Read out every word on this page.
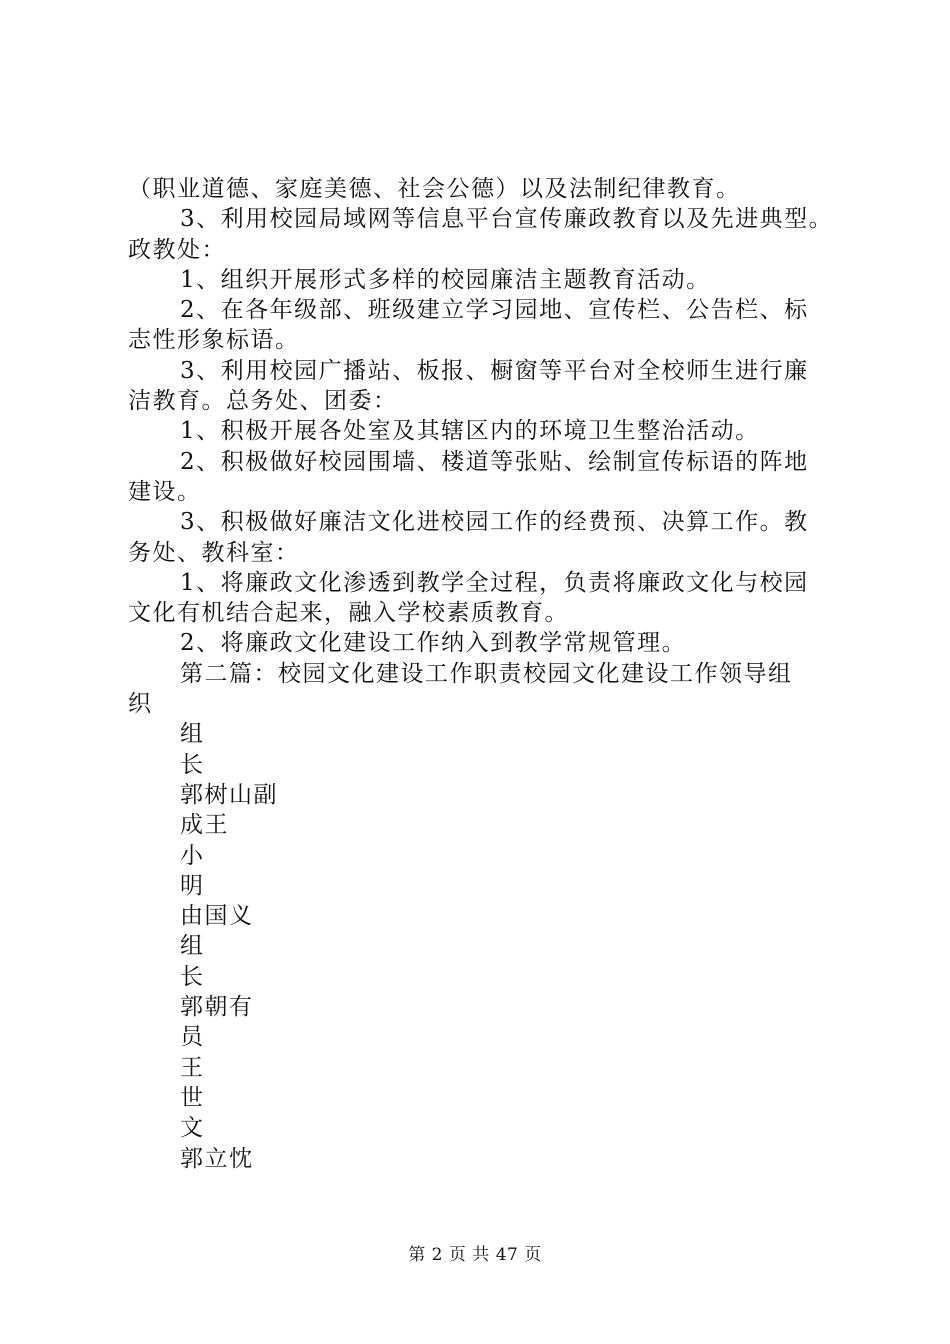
（职业道德、家庭美德、社会公德）以及法制纪律教育。
3、利用校园局域网等信息平台宣传廉政教育以及先进典型。
政教处：
1、组织开展形式多样的校园廉洁主题教育活动。
2、在各年级部、班级建立学习园地、宣传栏、公告栏、标
志性形象标语。
3、利用校园广播站、板报、橱窗等平台对全校师生进行廉
洁教育。总务处、团委：
1、积极开展各处室及其辖区内的环境卫生整治活动。
2、积极做好校园围墙、楼道等张贴、绘制宣传标语的阵地
建设。
3、积极做好廉洁文化进校园工作的经费预、决算工作。教
务处、教科室：
1、将廉政文化渗透到教学全过程，负责将廉政文化与校园
文化有机结合起来，融入学校素质教育。
2、将廉政文化建设工作纳入到教学常规管理。
第二篇：校园文化建设工作职责校园文化建设工作领导组
织
组
长
郭树山副
成王
小
明
由国义
组
长
郭朝有
员
王
世
文
郭立忱
第 2 页 共 47 页
